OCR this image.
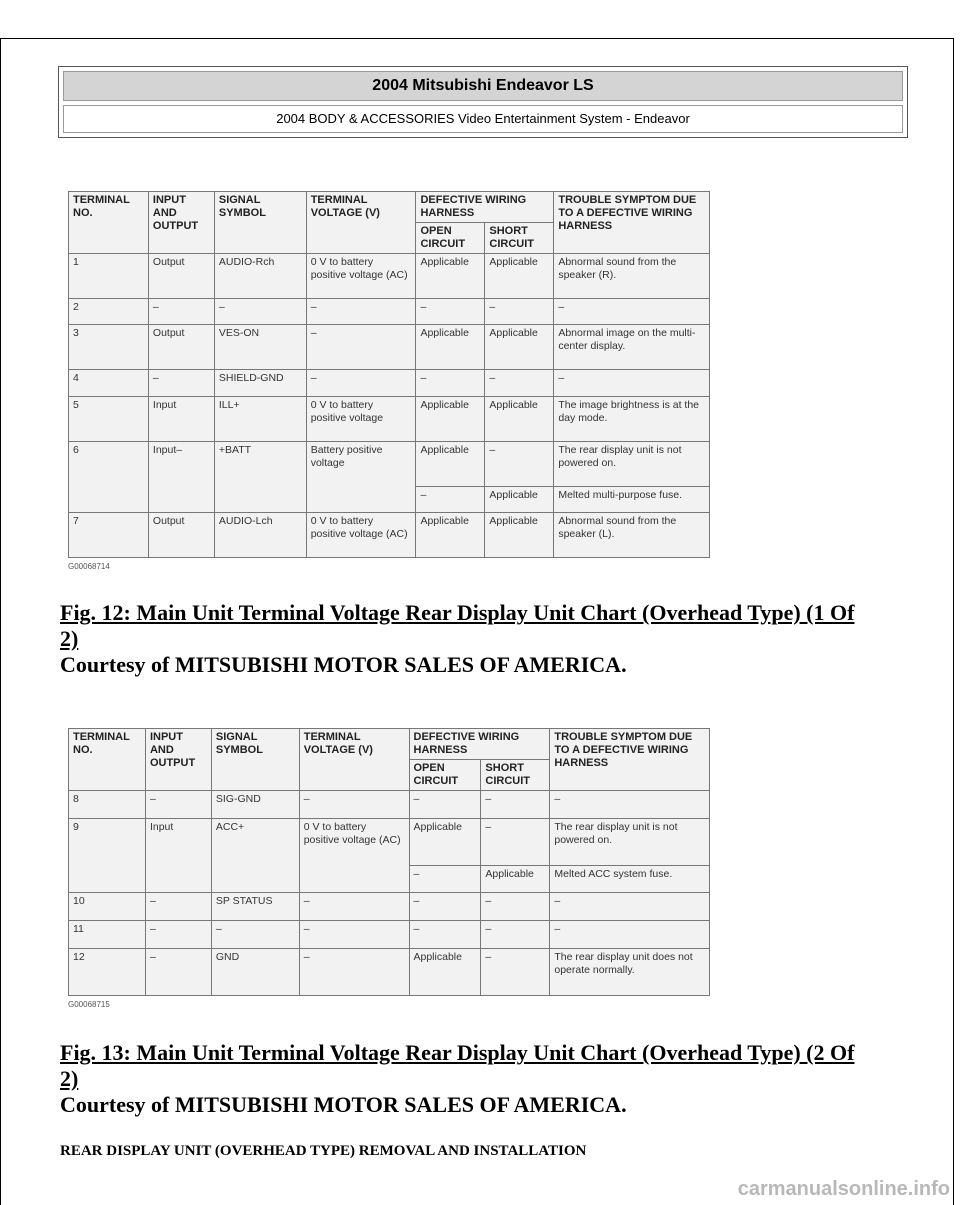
2004 Mitsubishi Endeavor LS
2004 BODY & ACCESSORIES Video Entertainment System - Endeavor
TERMINAL NO.	INPUT AND OUTPUT	SIGNAL SYMBOL	TERMINAL VOLTAGE (V)	DEFECTIVE WIRING HARNESS		TROUBLE SYMPTOM DUE TO A DEFECTIVE WIRING HARNESS
				OPEN CIRCUIT	SHORT CIRCUIT	
1	Output	AUDIO-Rch	0 V to battery positive voltage (AC)	Applicable	Applicable	Abnormal sound from the speaker (R).
2	–	–	–	–	–	–
3	Output	VES-ON	–	Applicable	Applicable	Abnormal image on the multi-center display.
4	–	SHIELD-GND	–	–	–	–
5	Input	ILL+	0 V to battery positive voltage	Applicable	Applicable	The image brightness is at the day mode.
6	Input–	+BATT	Battery positive voltage	Applicable	–	The rear display unit is not powered on.
				–	Applicable	Melted multi-purpose fuse.
7	Output	AUDIO-Lch	0 V to battery positive voltage (AC)	Applicable	Applicable	Abnormal sound from the speaker (L).
G00068714
Fig. 12: Main Unit Terminal Voltage Rear Display Unit Chart (Overhead Type) (1 Of 2)
Courtesy of MITSUBISHI MOTOR SALES OF AMERICA.
TERMINAL NO.	INPUT AND OUTPUT	SIGNAL SYMBOL	TERMINAL VOLTAGE (V)	DEFECTIVE WIRING HARNESS		TROUBLE SYMPTOM DUE TO A DEFECTIVE WIRING HARNESS
				OPEN CIRCUIT	SHORT CIRCUIT	
8	–	SIG-GND	–	–	–	–
9	Input	ACC+	0 V to battery positive voltage (AC)	Applicable	–	The rear display unit is not powered on.
				–	Applicable	Melted ACC system fuse.
10	–	SP STATUS	–	–	–	–
11	–	–	–	–	–	–
12	–	GND	–	Applicable	–	The rear display unit does not operate normally.
G00068715
Fig. 13: Main Unit Terminal Voltage Rear Display Unit Chart (Overhead Type) (2 Of 2)
Courtesy of MITSUBISHI MOTOR SALES OF AMERICA.
REAR DISPLAY UNIT (OVERHEAD TYPE) REMOVAL AND INSTALLATION
carmanualsonline.info
